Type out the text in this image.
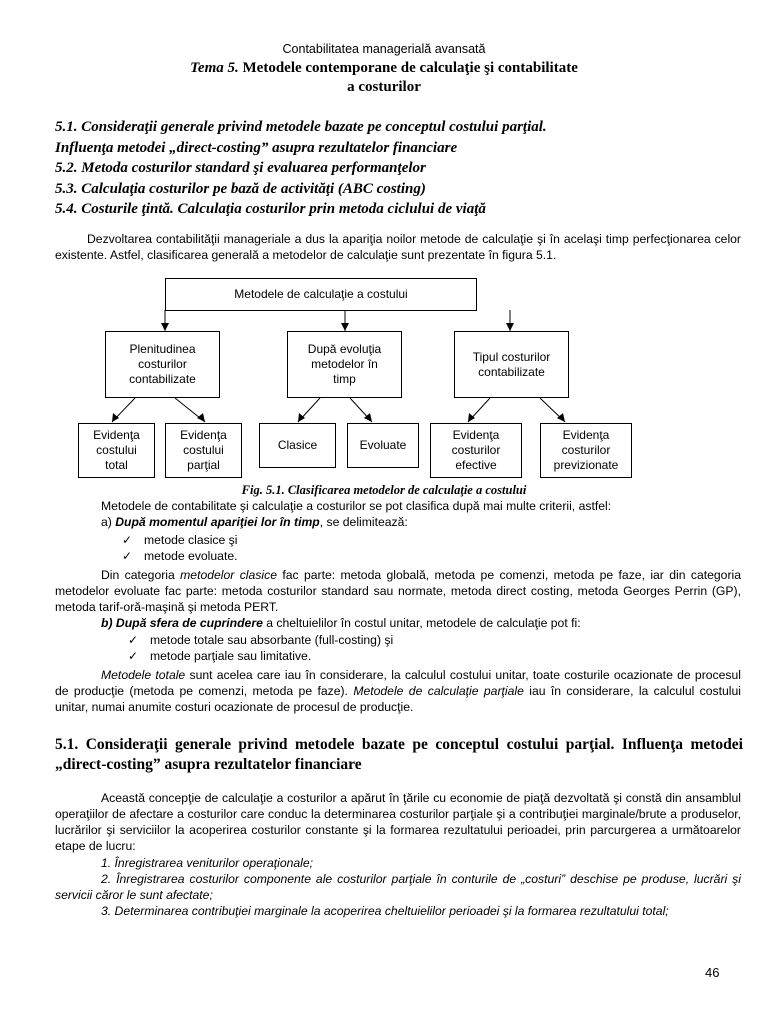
Contabilitatea managerială avansată
Tema 5. Metodele contemporane de calculaţie şi contabilitate
a costurilor
5.1. Consideraţii generale privind metodele bazate pe conceptul costului parţial.
Influenţa metodei „direct-costing” asupra rezultatelor financiare
5.2. Metoda costurilor standard şi evaluarea performanţelor
5.3. Calculaţia costurilor pe bază de activităţi (ABC costing)
5.4. Costurile ţintă. Calculaţia costurilor prin metoda ciclului de viaţă

Dezvoltarea contabilităţii manageriale a dus la apariţia noilor metode de calculaţie şi în acelaşi timp perfecţionarea celor existente. Astfel, clasificarea generală a metodelor de calculaţie sunt prezentate în figura 5.1.

Metodele de calculaţie a costului
Plenitudinea costurilor contabilizate
După evoluţia metodelor în timp
Tipul costurilor contabilizate
Evidenţa costului total
Evidenţa costului parţial
Clasice	Evoluate
Evidenţa costurilor efective
Evidenţa costurilor previzionate
Fig. 5.1. Clasificarea metodelor de calculaţie a costului

Metodele de contabilitate şi calculaţie a costurilor se pot clasifica după mai multe criterii, astfel:

a) După momentul apariţiei lor în timp, se delimitează:

✓ metode clasice şi
✓ metode evoluate.

Din categoria metodelor clasice fac parte: metoda globală, metoda pe comenzi, metoda pe faze, iar din categoria metodelor evoluate fac parte: metoda costurilor standard sau normate, metoda direct costing, metoda Georges Perrin (GP), metoda tarif-oră-maşină şi metoda PERT.

b) După sfera de cuprindere a cheltuielilor în costul unitar, metodele de calculaţie pot fi:

✓ metode totale sau absorbante (full-costing) şi
✓ metode parţiale sau limitative.

Metodele totale sunt acelea care iau în considerare, la calculul costului unitar, toate costurile ocazionate de procesul de producţie (metoda pe comenzi, metoda pe faze). Metodele de calculaţie parţiale iau în considerare, la calculul costului unitar, numai anumite costuri ocazionate de procesul de producţie.

5.1. Consideraţii generale privind metodele bazate pe conceptul costului parţial. Influenţa metodei „direct-costing” asupra rezultatelor financiare

Această concepţie de calculaţie a costurilor a apărut în ţările cu economie de piaţă dezvoltată şi constă din ansamblul operaţiilor de afectare a costurilor care conduc la determinarea costurilor parţiale şi a contribuţiei marginale/brute a produselor, lucrărilor şi serviciilor la acoperirea costurilor constante şi la formarea rezultatului perioadei, prin parcurgerea a următoarelor etape de lucru:

1. Înregistrarea veniturilor operaţionale;
2. Înregistrarea costurilor componente ale costurilor parţiale în conturile de „costuri” deschise pe produse, lucrări şi servicii căror le sunt afectate;
3. Determinarea contribuţiei marginale la acoperirea cheltuielilor perioadei şi la formarea rezultatului total;
46
